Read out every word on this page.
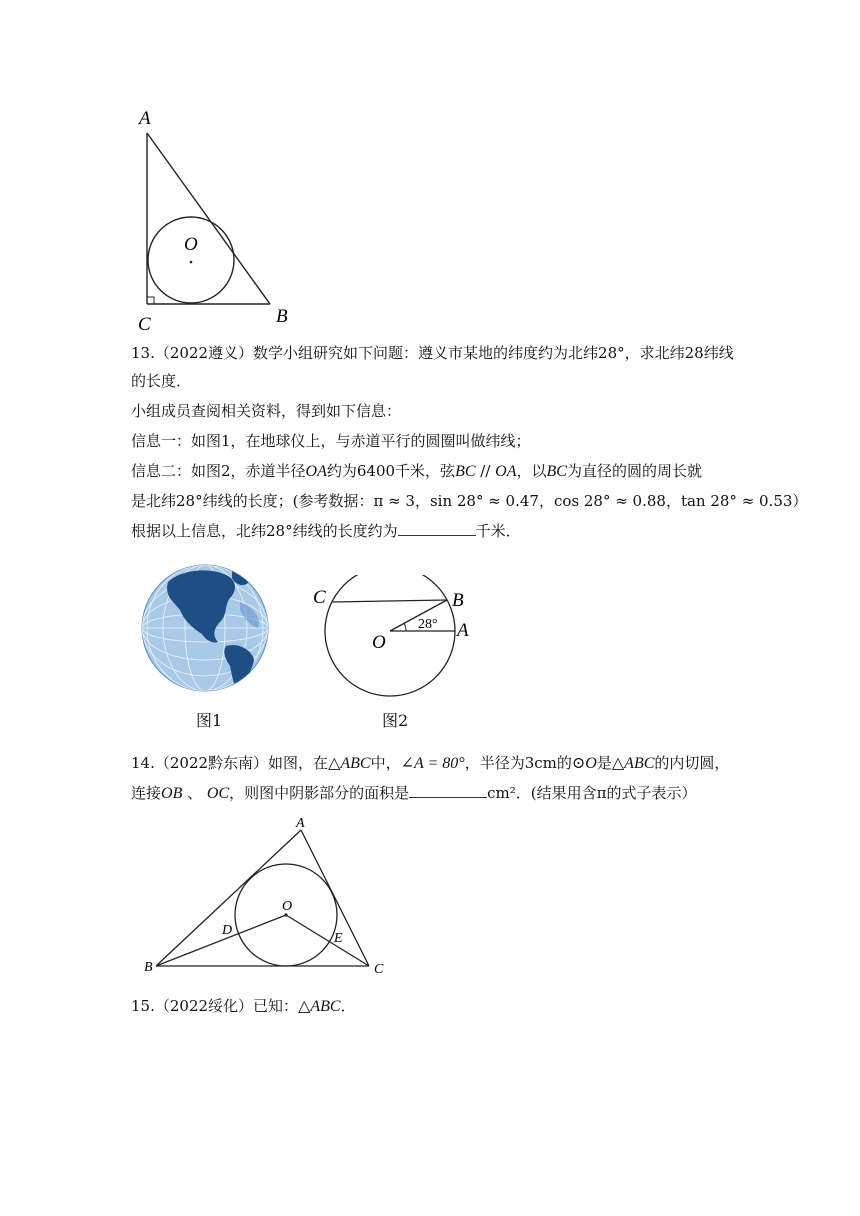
A
O
C	B
13.（2022遵义）数学小组研究如下问题：遵义市某地的纬度约为北纬28°，求北纬28纬线
的长度．
小组成员查阅相关资料，得到如下信息：
信息一：如图1，在地球仪上，与赤道平行的圆圈叫做纬线；
信息二：如图2，赤道半径OA约为6400千米，弦BC // OA，以BC为直径的圆的周长就
是北纬28°纬线的长度；(参考数据：π ≈ 3，sin 28° ≈ 0.47，cos 28° ≈ 0.88，tan 28° ≈ 0.53）
根据以上信息，北纬28°纬线的长度约为	千米．
C	B
28° A
O
图1	图2
14.（2022黔东南）如图，在△ABC中，∠A = 80°，半径为3cm的⊙O是△ABC的内切圆，
连接OB 、 OC，则图中阴影部分的面积是	cm²．(结果用含π的式子表示）
A
O
D
E
B	C
15.（2022绥化）已知：△ABC．
